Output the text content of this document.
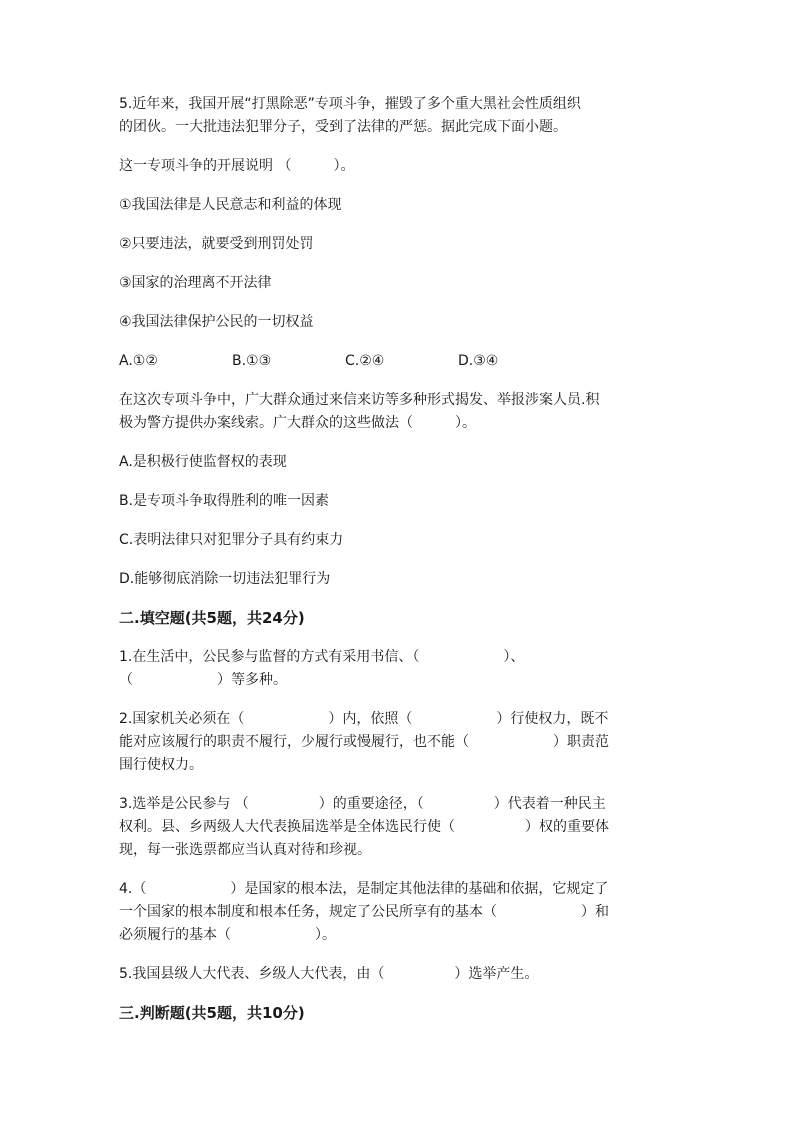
5.近年来，我国开展“打黑除恶”专项斗争，摧毁了多个重大黑社会性质组织
的团伙。一大批违法犯罪分子，受到了法律的严惩。据此完成下面小题。
这一专项斗争的开展说明 （　　　）。
①我国法律是人民意志和利益的体现
②只要违法，就要受到刑罚处罚
③国家的治理离不开法律
④我国法律保护公民的一切权益
A.①②	B.①③	C.②④	D.③④
在这次专项斗争中，广大群众通过来信来访等多种形式揭发、举报涉案人员.积
极为警方提供办案线索。广大群众的这些做法（　　　）。
A.是积极行使监督权的表现
B.是专项斗争取得胜利的唯一因素
C.表明法律只对犯罪分子具有约束力
D.能够彻底消除一切违法犯罪行为
二.填空题(共5题，共24分)
1.在生活中，公民参与监督的方式有采用书信、（　　　　　　）、
（　　　　　　）等多种。
2.国家机关必须在（　　　　　　）内，依照（　　　　　　）行使权力，既不
能对应该履行的职责不履行，少履行或慢履行，也不能（　　　　　　）职责范
围行使权力。
3.选举是公民参与 （　　　　　）的重要途径，（　　　　　）代表着一种民主
权利。县、乡两级人大代表换届选举是全体选民行使（　　　　　）权的重要体
现，每一张选票都应当认真对待和珍视。
4.（　　　　　　）是国家的根本法，是制定其他法律的基础和依据，它规定了
一个国家的根本制度和根本任务，规定了公民所享有的基本（　　　　　　）和
必须履行的基本（　　　　　　）。
5.我国县级人大代表、乡级人大代表，由（　　　　　）选举产生。
三.判断题(共5题，共10分)
